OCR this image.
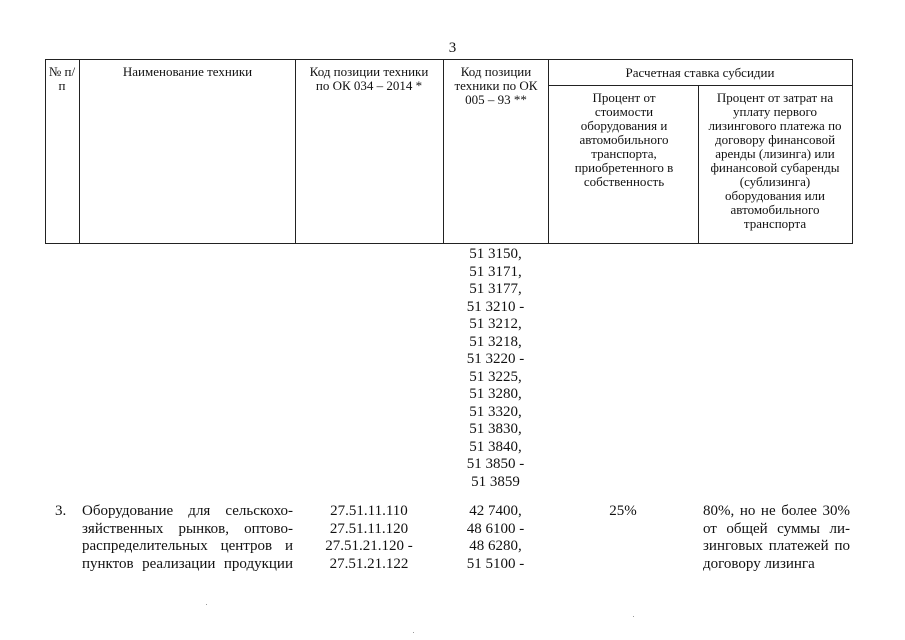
3
№ п/п
Наименование техники	Код позиции техники по ОК 034 – 2014 *
Код позиции техники по ОК 005 – 93 **
Расчетная ставка субсидии
Процент от стоимости оборудования и автомобильного транспорта, приобретенного в собственность
Процент от затрат на уплату первого лизингового платежа по договору финансовой аренды (лизинга) или финансовой субаренды (сублизинга) оборудования или автомобильного транспорта
51 3150,
51 3171,
51 3177,
51 3210 -
51 3212,
51 3218,
51 3220 -
51 3225,
51 3280,
51 3320,
51 3830,
51 3840,
51 3850 -
51 3859
3. Оборудование для сельскохо-
зяйственных рынков, оптово-
распределительных центров и
пунктов реализации продукции
27.51.11.110
27.51.11.120
27.51.21.120 -
27.51.21.122
42 7400,
48 6100 -
48 6280,
51 5100 -
25%	80%, но не более 30%
от общей суммы ли-
зинговых платежей по
договору лизинга
